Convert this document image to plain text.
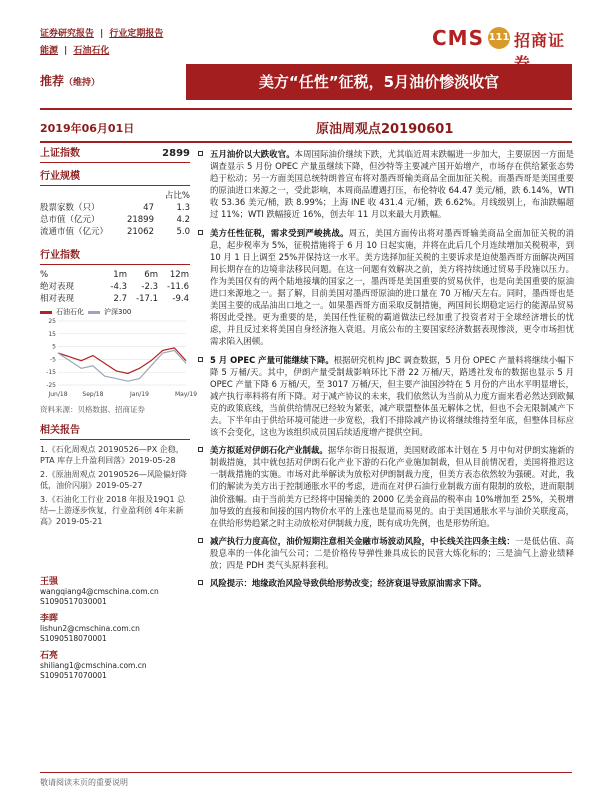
证券研究报告 | 行业定期报告
能源 | 石油石化
CMS 111 招商证
推荐（维持）	美方“任性”征税，5月油价惨淡收官
2019年06月01日	原油周观点20190601
上证指数	2899
行业规模
占比%
股票家数（只）	47	1.3
总市值（亿元）	21899	4.2
流通市值（亿元）	21062	5.0
行业指数
%	1m	6m	12m
绝对表现	-4.3	-2.3	-11.6
相对表现	2.7	-17.1	-9.4
石油石化	沪深300
25
15
5
-5
-15
-25
Jun/18 Sep/18	Jan/19	May/19
资料来源：贝格数据、招商证券
相关报告
1.《石化周观点 20190526—PX 企稳，PTA 库存上升盈利回落》2019-05-28
2.《原油周观点 20190526—风险偏好降低，油价闪崩》2019-05-27
3.《石油化工行业 2018 年报及19Q1 总结—上游逐步恢复，行业盈利创 4年来新高》2019-05-21
王强
wangqiang4@cmschina.com.cn
S1090517030001
李晖
lishun2@cmschina.com.cn
S1090518070001
石亮
shiliang1@cmschina.com.cn
S1090517070001
五月油价以大跌收官。本周国际油价继续下跌，尤其临近周末跌幅进一步加大，主要原因一方面是调查显示 5 月份 OPEC 产量虽继续下降，但沙特等主要减产国开始增产，市场存在供给紧张态势趋于松动；另一方面美国总统特朗普宣布将对墨西哥输美商品全面加征关税。而墨西哥是美国重要的原油进口来源之一，受此影响，本周商品遭遇打压，布伦特收 64.47 美元/桶，跌 6.14%，WTI 收 53.36 美元/桶，跌 8.99%；上海 INE 收 431.4 元/桶，跌 6.62%。月线级别上，布油跌幅超过 11%；WTI 跌幅接近 16%，创去年 11 月以来最大月跌幅。
美方任性征税，需求受到严峻挑战。周五，美国方面传出将对墨西哥输美商品全面加征关税的消息，起步税率为 5%，征税措施将于 6 月 10 日起实施，并将在此后几个月连续增加关税税率，到 10 月 1 日上调至 25%并保持这一水平。美方选择加征关税的主要诉求是迫使墨西哥方面解决两国间长期存在的边境非法移民问题。在这一问题有效解决之前，美方将持续通过贸易手段施以压力。作为美国仅有的两个陆地接壤的国家之一，墨西哥是美国重要的贸易伙伴，也是向美国重要的原油进口来源地之一。据了解，目前美国对墨西哥原油的进口量在 70 万桶/天左右。同时，墨西哥也是美国主要的成品油出口地之一。如果墨西哥方面采取反制措施，两国间长期稳定运行的能源品贸易将因此受挫。更为重要的是，美国任性征税的霸道做法已经加重了投资者对于全球经济增长的忧虑，并且反过来将美国自身经济拖入衰退。月底公布的主要国家经济数据表现惨淡，更令市场担忧需求陷入困顿。
5 月 OPEC 产量可能继续下降。根据研究机构 JBC 调查数据，5 月份 OPEC 产量料将继续小幅下降 5 万桶/天。其中，伊朗产量受制裁影响环比下滑 22 万桶/天，路透社发布的数据也显示 5 月 OPEC 产量下降 6 万桶/天，至 3017 万桶/天，但主要产油国沙特在 5 月份的产出水平明显增长，减产执行率料将有所下降。对于减产协议的未来，我们依然认为当前从力度方面来看必然达到欧佩克的政策底线，当前供给情况已经较为紧张，减产联盟整体虽无解体之忧，但也不会无限制减产下去。下半年由于供给环境可能进一步宽松，我们不排除减产协议将继续维持至年底，但整体目标应该不会变化，这也为该组织成员国后续适度增产提供空间。
美方拟延对伊朗石化产业制裁。据华尔街日报报道，美国财政部本计划在 5 月中旬对伊朗实施新的制裁措施，其中就包括对伊朗石化产业下游的石化产业施加制裁，但从目前情况看，美国将推迟这一制裁措施的实施。市场对此举解读为放松对伊朗制裁力度，但美方表态依然较为强硬。对此，我们的解读为美方出于控制通胀水平的考虑，进而在对伊石油行业制裁方面有限制的放松，进而限制油价涨幅。由于当前美方已经将中国输美的 2000 亿美金商品的税率由 10%增加至 25%，关税增加导致的直接和间接的国内物价水平的上涨也是显而易见的。由于美国通胀水平与油价关联度高，在供给形势趋紧之时主动放松对伊制裁力度，既有成功先例，也是形势所迫。
减产执行力度高位，油价短期注意相关金融市场波动风险，中长线关注四条主线：一是低估值、高股息率的一体化油气公司；二是价格传导弹性兼具成长的民营大炼化标的；三是油气上游业绩释放；四是 PDH 类气头原料套利。
风险提示：地缘政治风险导致供给形势改变；经济衰退导致原油需求下降。
敬请阅读末页的重要说明
